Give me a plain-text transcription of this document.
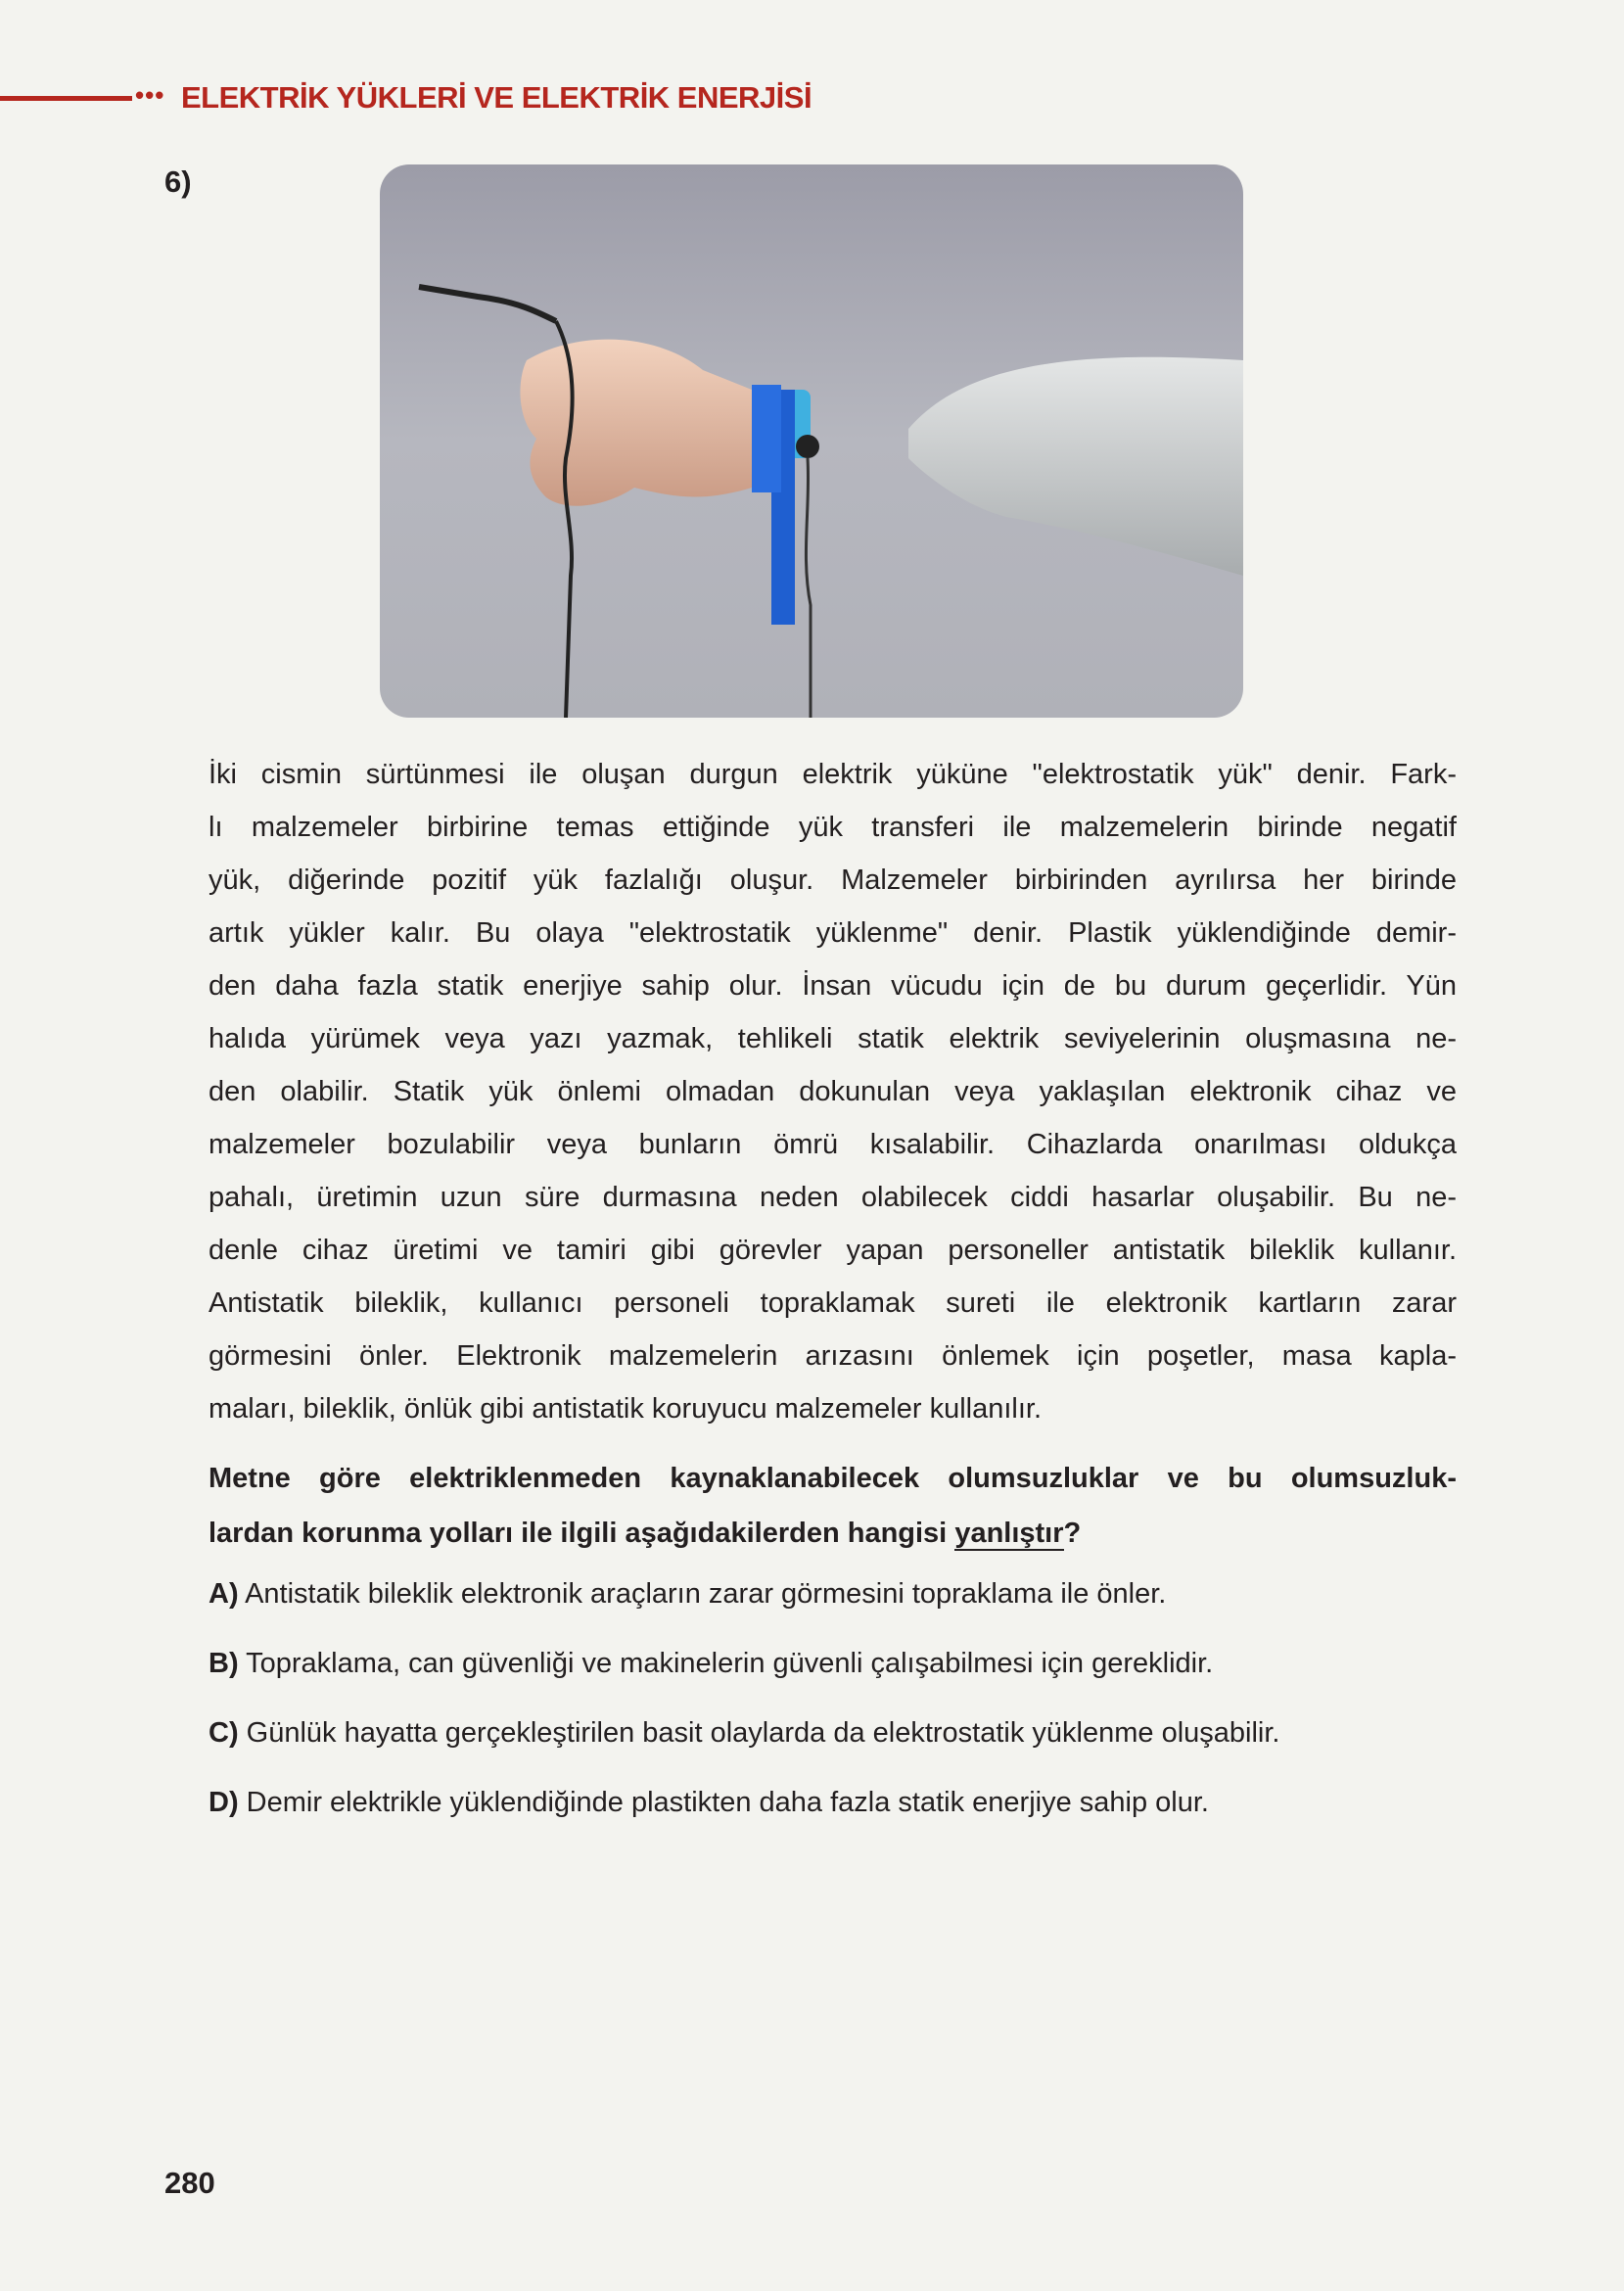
••• ELEKTRİK YÜKLERİ VE ELEKTRİK ENERJİSİ
6)
İki cismin sürtünmesi ile oluşan durgun elektrik yüküne "elektrostatik yük" denir. Fark-
lı malzemeler birbirine temas ettiğinde yük transferi ile malzemelerin birinde negatif
yük, diğerinde pozitif yük fazlalığı oluşur. Malzemeler birbirinden ayrılırsa her birinde
artık yükler kalır. Bu olaya "elektrostatik yüklenme" denir. Plastik yüklendiğinde demir-
den daha fazla statik enerjiye sahip olur. İnsan vücudu için de bu durum geçerlidir. Yün
halıda yürümek veya yazı yazmak, tehlikeli statik elektrik seviyelerinin oluşmasına ne-
den olabilir. Statik yük önlemi olmadan dokunulan veya yaklaşılan elektronik cihaz ve
malzemeler bozulabilir veya bunların ömrü kısalabilir. Cihazlarda onarılması oldukça
pahalı, üretimin uzun süre durmasına neden olabilecek ciddi hasarlar oluşabilir. Bu ne-
denle cihaz üretimi ve tamiri gibi görevler yapan personeller antistatik bileklik kullanır.
Antistatik bileklik, kullanıcı personeli topraklamak sureti ile elektronik kartların zarar
görmesini önler. Elektronik malzemelerin arızasını önlemek için poşetler, masa kapla-
maları, bileklik, önlük gibi antistatik koruyucu malzemeler kullanılır.
Metne göre elektriklenmeden kaynaklanabilecek olumsuzluklar ve bu olumsuzluk-
lardan korunma yolları ile ilgili aşağıdakilerden hangisi yanlıştır?
A) Antistatik bileklik elektronik araçların zarar görmesini topraklama ile önler.
B) Topraklama, can güvenliği ve makinelerin güvenli çalışabilmesi için gereklidir.
C) Günlük hayatta gerçekleştirilen basit olaylarda da elektrostatik yüklenme oluşabilir.
D) Demir elektrikle yüklendiğinde plastikten daha fazla statik enerjiye sahip olur.
280
